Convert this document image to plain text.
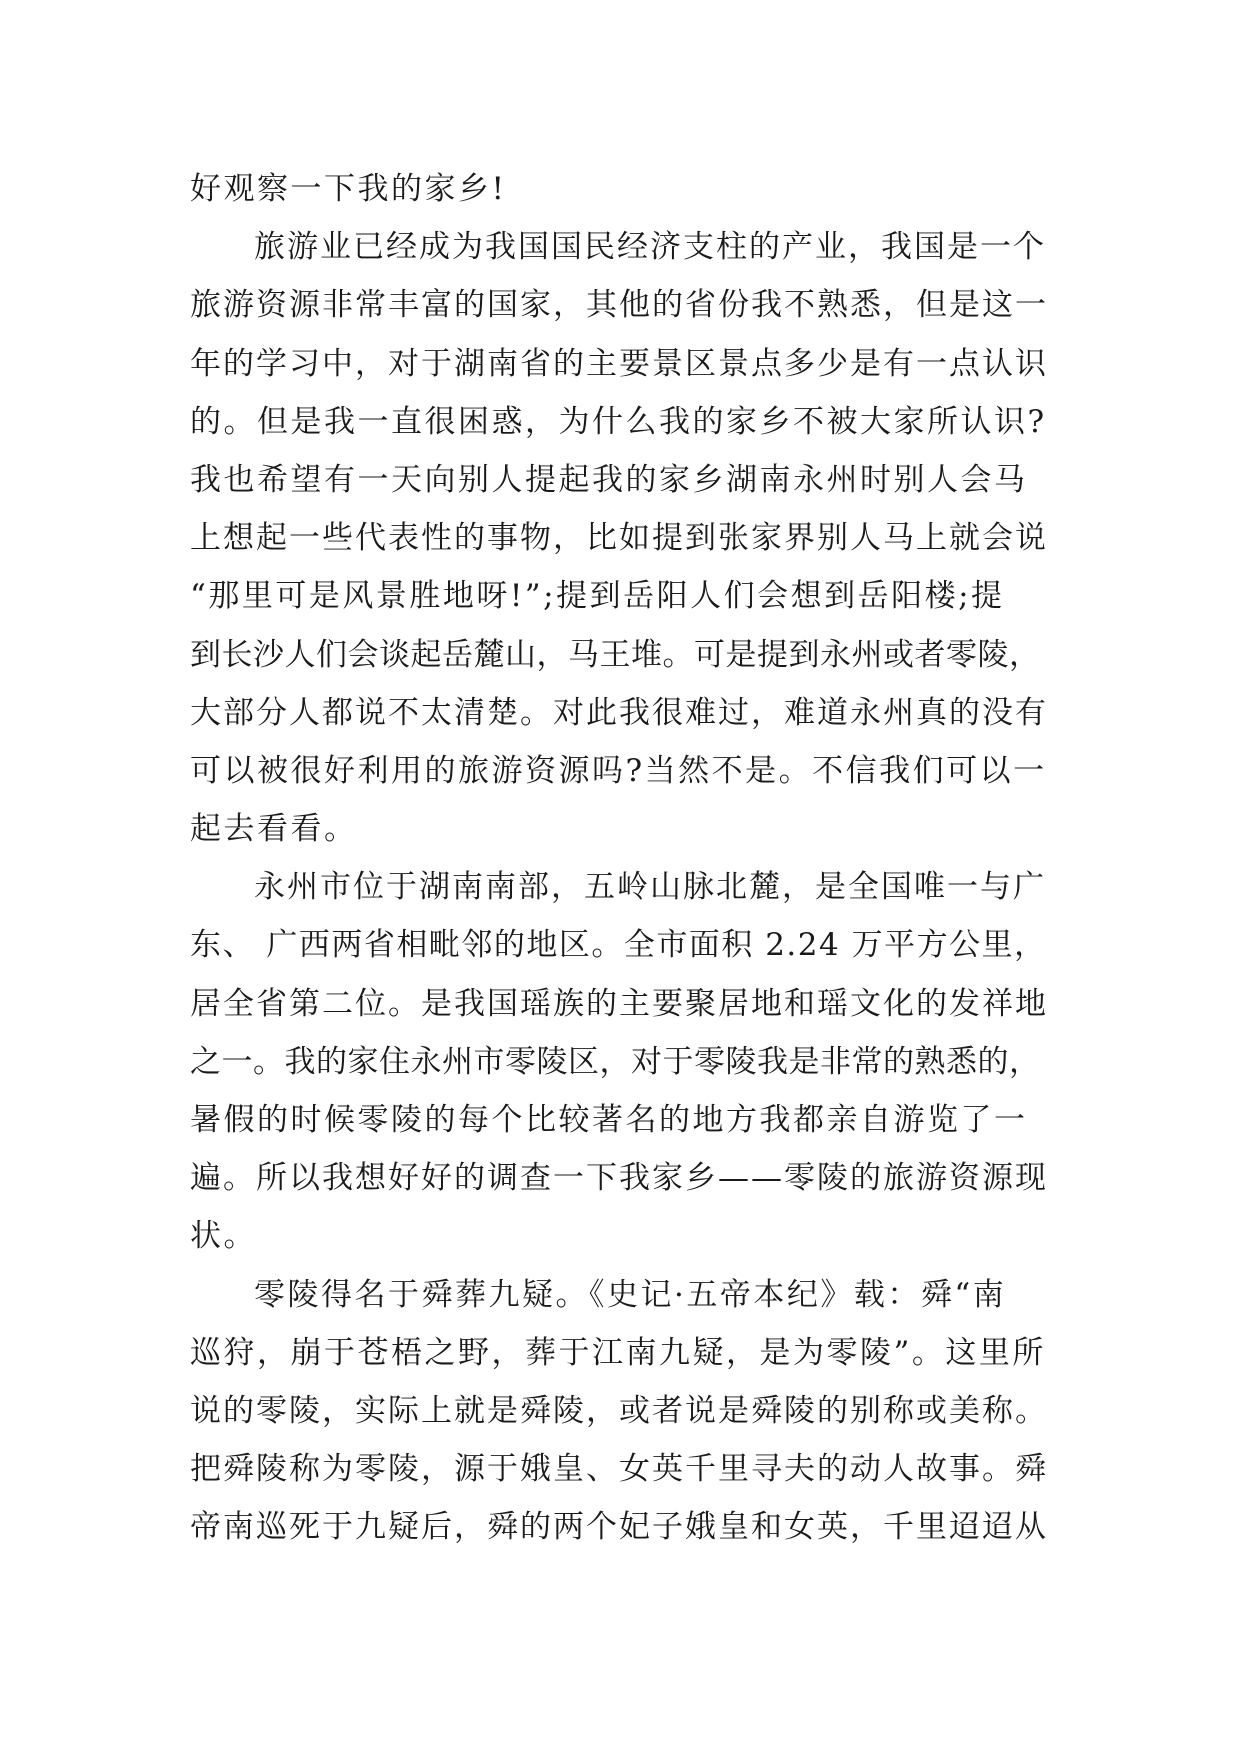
好观察一下我的家乡!
旅游业已经成为我国国民经济支柱的产业，我国是一个
旅游资源非常丰富的国家，其他的省份我不熟悉，但是这一
年的学习中，对于湖南省的主要景区景点多少是有一点认识
的。但是我一直很困惑，为什么我的家乡不被大家所认识?
我也希望有一天向别人提起我的家乡湖南永州时别人会马
上想起一些代表性的事物，比如提到张家界别人马上就会说
“那里可是风景胜地呀!”;提到岳阳人们会想到岳阳楼;提
到长沙人们会谈起岳麓山，马王堆。可是提到永州或者零陵，
大部分人都说不太清楚。对此我很难过，难道永州真的没有
可以被很好利用的旅游资源吗?当然不是。不信我们可以一
起去看看。
永州市位于湖南南部，五岭山脉北麓，是全国唯一与广
东、 广西两省相毗邻的地区。全市面积 2.24 万平方公里，
居全省第二位。是我国瑶族的主要聚居地和瑶文化的发祥地
之一。我的家住永州市零陵区，对于零陵我是非常的熟悉的，
暑假的时候零陵的每个比较著名的地方我都亲自游览了一
遍。所以我想好好的调查一下我家乡——零陵的旅游资源现
状。
零陵得名于舜葬九疑。《史记·五帝本纪》载：舜“南
巡狩，崩于苍梧之野，葬于江南九疑，是为零陵”。这里所
说的零陵，实际上就是舜陵，或者说是舜陵的别称或美称。
把舜陵称为零陵，源于娥皇、女英千里寻夫的动人故事。舜
帝南巡死于九疑后，舜的两个妃子娥皇和女英，千里迢迢从
